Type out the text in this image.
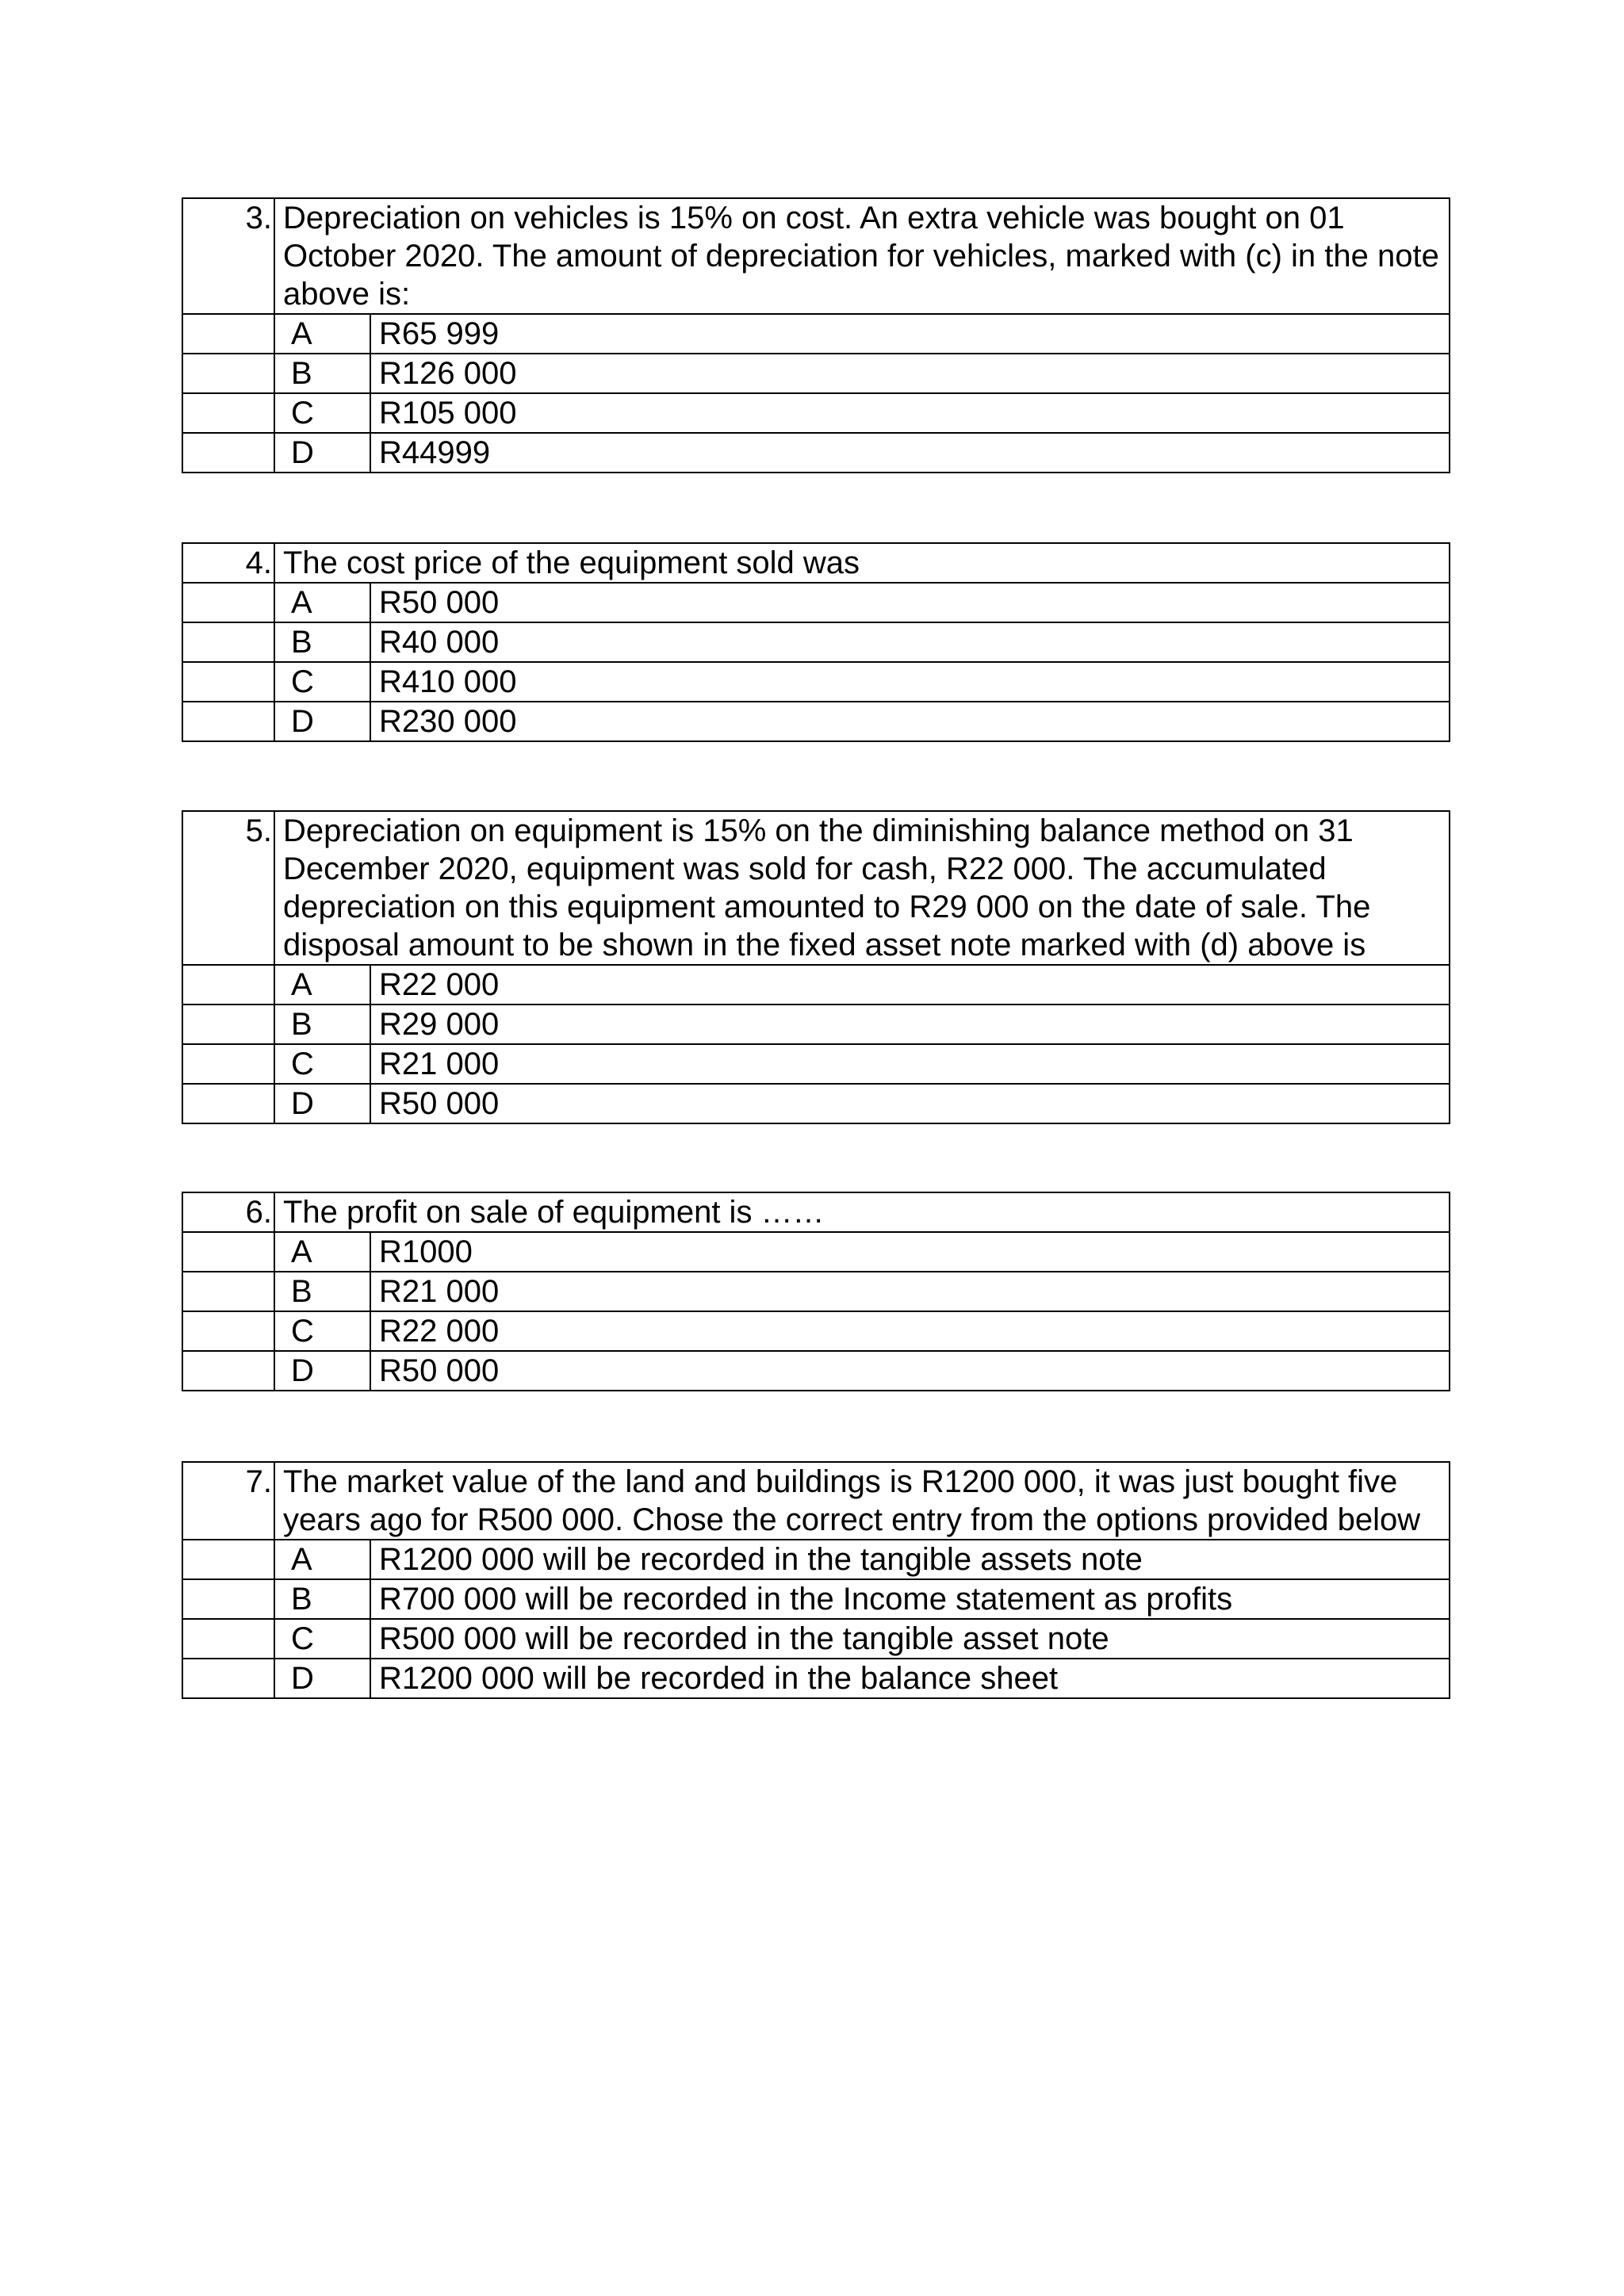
3.	Depreciation on vehicles is 15% on cost. An extra vehicle was bought on 01 October 2020. The amount of depreciation for vehicles, marked with (c) in the note above is:	
	A	R65 999
	B	R126 000
	C	R105 000
	D	R44999
4.	The cost price of the equipment sold was	
	A	R50 000
	B	R40 000
	C	R410 000
	D	R230 000
5.	Depreciation on equipment is 15% on the diminishing balance method on 31 December 2020, equipment was sold for cash, R22 000. The accumulated depreciation on this equipment amounted to R29 000 on the date of sale. The disposal amount to be shown in the fixed asset note marked with (d) above is	
	A	R22 000
	B	R29 000
	C	R21 000
	D	R50 000
6.	The profit on sale of equipment is ……	
	A	R1000
	B	R21 000
	C	R22 000
	D	R50 000
7.	The market value of the land and buildings is R1200 000, it was just bought five years ago for R500 000. Chose the correct entry from the options provided below	
	A	R1200 000 will be recorded in the tangible assets note
	B	R700 000 will be recorded in the Income statement as profits
	C	R500 000 will be recorded in the tangible asset note
	D	R1200 000 will be recorded in the balance sheet
